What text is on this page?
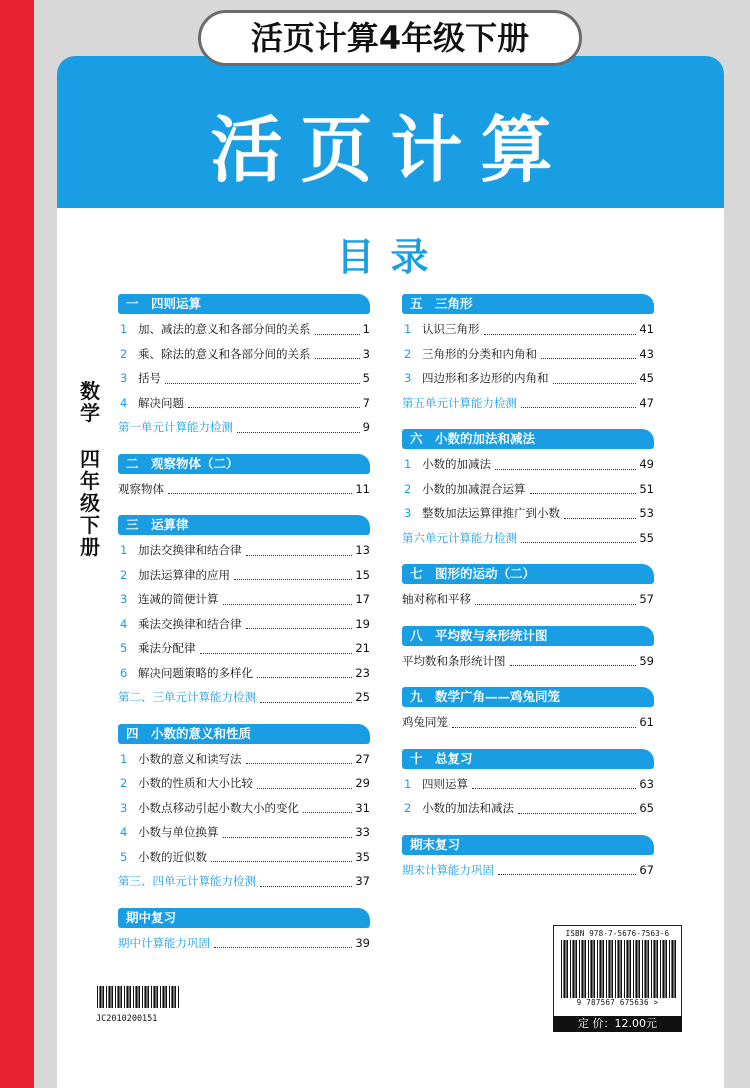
活页计算4年级下册
活页计算
目录
数
学
四
年
级
下
册
一　四则运算
1 加、减法的意义和各部分间的关系	1
2 乘、除法的意义和各部分间的关系	3
3 括号	5
4 解决问题	7
第一单元计算能力检测	9
二　观察物体（二）
观察物体	11
三　运算律
1 加法交换律和结合律	13
2 加法运算律的应用	15
3 连减的简便计算	17
4 乘法交换律和结合律	19
5 乘法分配律	21
6 解决问题策略的多样化	23
第二、三单元计算能力检测	25
四　小数的意义和性质
1 小数的意义和读写法	27
2 小数的性质和大小比较	29
3 小数点移动引起小数大小的变化	31
4 小数与单位换算	33
5 小数的近似数	35
第三、四单元计算能力检测	37
期中复习
期中计算能力巩固	39
五　三角形
1 认识三角形	41
2 三角形的分类和内角和	43
3 四边形和多边形的内角和	45
第五单元计算能力检测	47
六　小数的加法和减法
1 小数的加减法	49
2 小数的加减混合运算	51
3 整数加法运算律推广到小数	53
第六单元计算能力检测	55
七　图形的运动（二）
轴对称和平移	57
八　平均数与条形统计图
平均数和条形统计图	59
九　数学广角——鸡兔同笼
鸡兔同笼	61
十　总复习
1 四则运算	63
2 小数的加法和减法	65
期末复习
期末计算能力巩固	67
JC2010200151
ISBN 978-7-5676-7563-6
9 787567 675636 >
定 价：12.00元
